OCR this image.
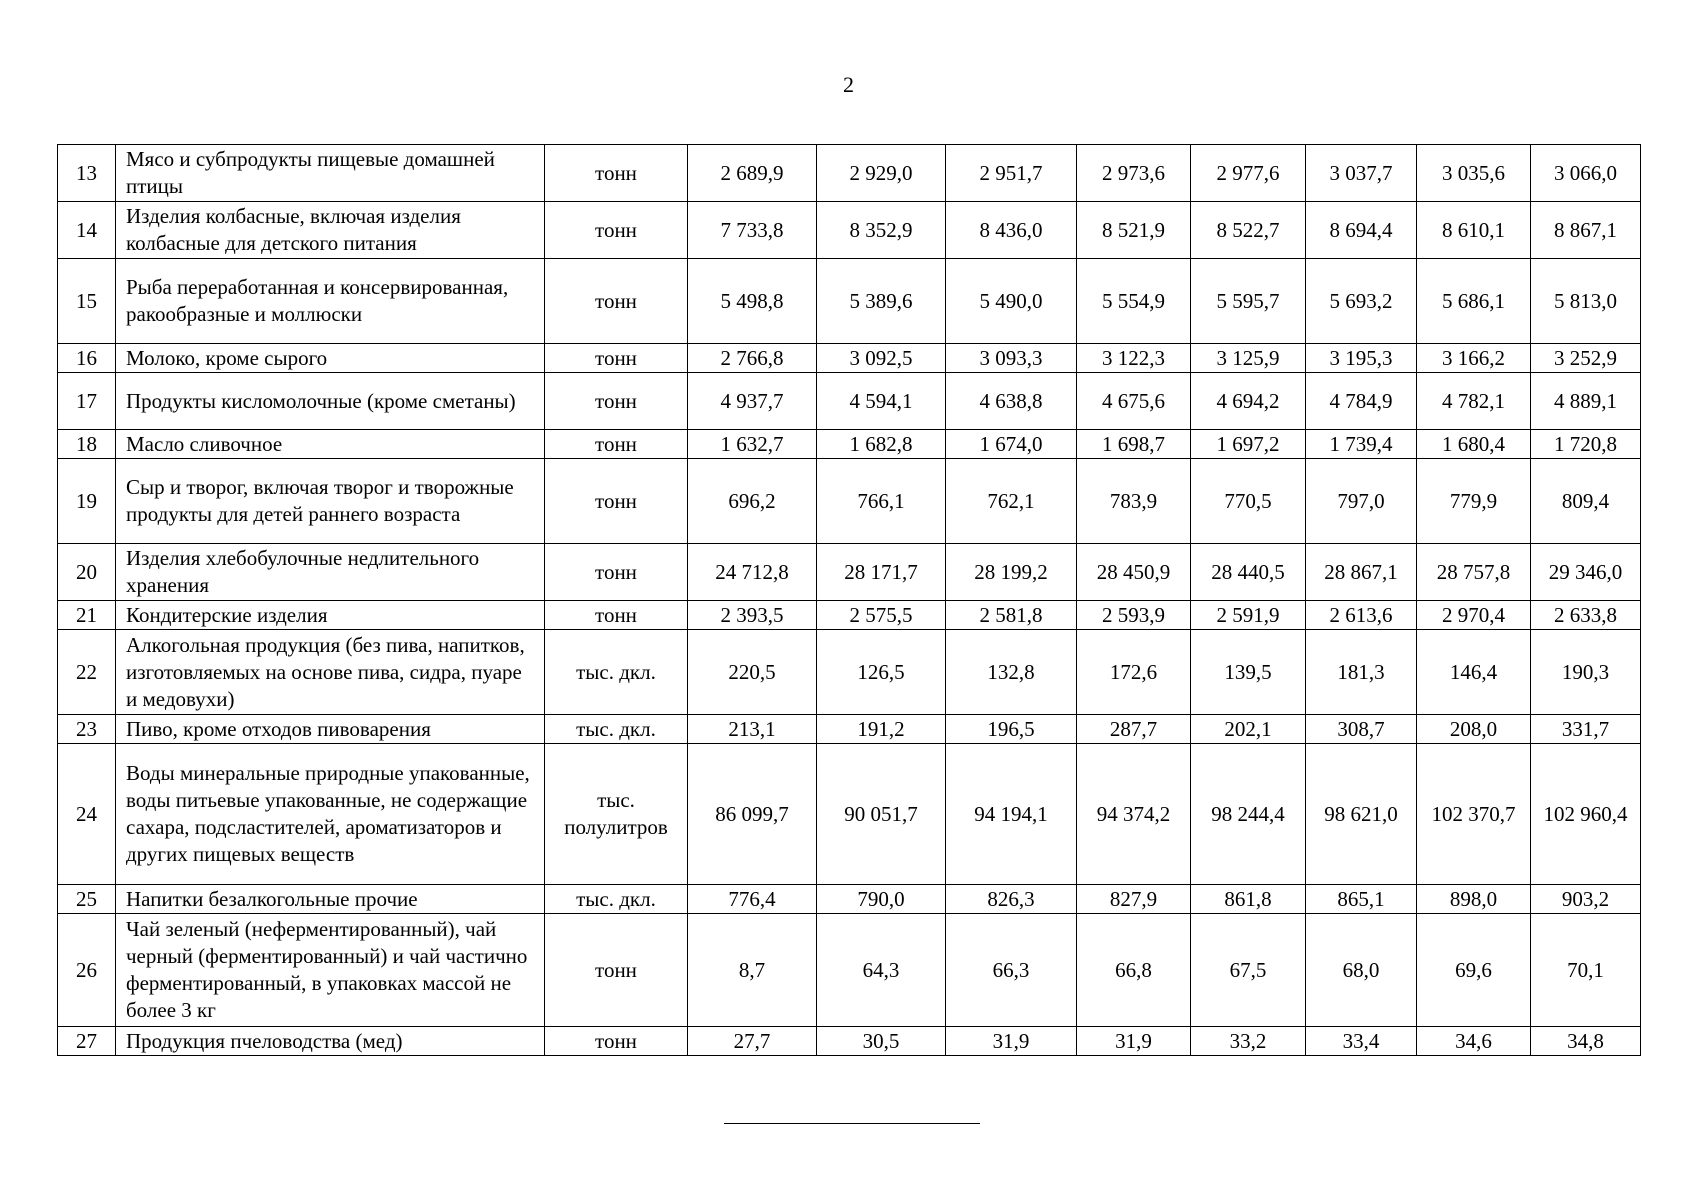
2
13	Мясо и субпродукты пищевые домашней птицы	тонн	2 689,9	2 929,0	2 951,7	2 973,6	2 977,6	3 037,7	3 035,6	3 066,0
14	Изделия колбасные, включая изделия колбасные для детского питания	тонн	7 733,8	8 352,9	8 436,0	8 521,9	8 522,7	8 694,4	8 610,1	8 867,1
15	Рыба переработанная и консервированная, ракообразные и моллюски	тонн	5 498,8	5 389,6	5 490,0	5 554,9	5 595,7	5 693,2	5 686,1	5 813,0
16	Молоко, кроме сырого	тонн	2 766,8	3 092,5	3 093,3	3 122,3	3 125,9	3 195,3	3 166,2	3 252,9
17	Продукты кисломолочные (кроме сметаны)	тонн	4 937,7	4 594,1	4 638,8	4 675,6	4 694,2	4 784,9	4 782,1	4 889,1
18	Масло сливочное	тонн	1 632,7	1 682,8	1 674,0	1 698,7	1 697,2	1 739,4	1 680,4	1 720,8
19	Сыр и творог, включая творог и творожные продукты для детей раннего возраста	тонн	696,2	766,1	762,1	783,9	770,5	797,0	779,9	809,4
20	Изделия хлебобулочные недлительного хранения	тонн	24 712,8	28 171,7	28 199,2	28 450,9	28 440,5	28 867,1	28 757,8	29 346,0
21	Кондитерские изделия	тонн	2 393,5	2 575,5	2 581,8	2 593,9	2 591,9	2 613,6	2 970,4	2 633,8
22	Алкогольная продукция (без пива, напитков, изготовляемых на основе пива, сидра, пуаре и медовухи)	тыс. дкл.	220,5	126,5	132,8	172,6	139,5	181,3	146,4	190,3
23	Пиво, кроме отходов пивоварения	тыс. дкл.	213,1	191,2	196,5	287,7	202,1	308,7	208,0	331,7
24	Воды минеральные природные упакованные, воды питьевые упакованные, не содержащие сахара, подсластителей, ароматизаторов и других пищевых веществ	тыс. полулитров	86 099,7	90 051,7	94 194,1	94 374,2	98 244,4	98 621,0	102 370,7	102 960,4
25	Напитки безалкогольные прочие	тыс. дкл.	776,4	790,0	826,3	827,9	861,8	865,1	898,0	903,2
26	Чай зеленый (неферментированный), чай черный (ферментированный) и чай частично ферментированный, в упаковках массой не более 3 кг	тонн	8,7	64,3	66,3	66,8	67,5	68,0	69,6	70,1
27	Продукция пчеловодства (мед)	тонн	27,7	30,5	31,9	31,9	33,2	33,4	34,6	34,8
